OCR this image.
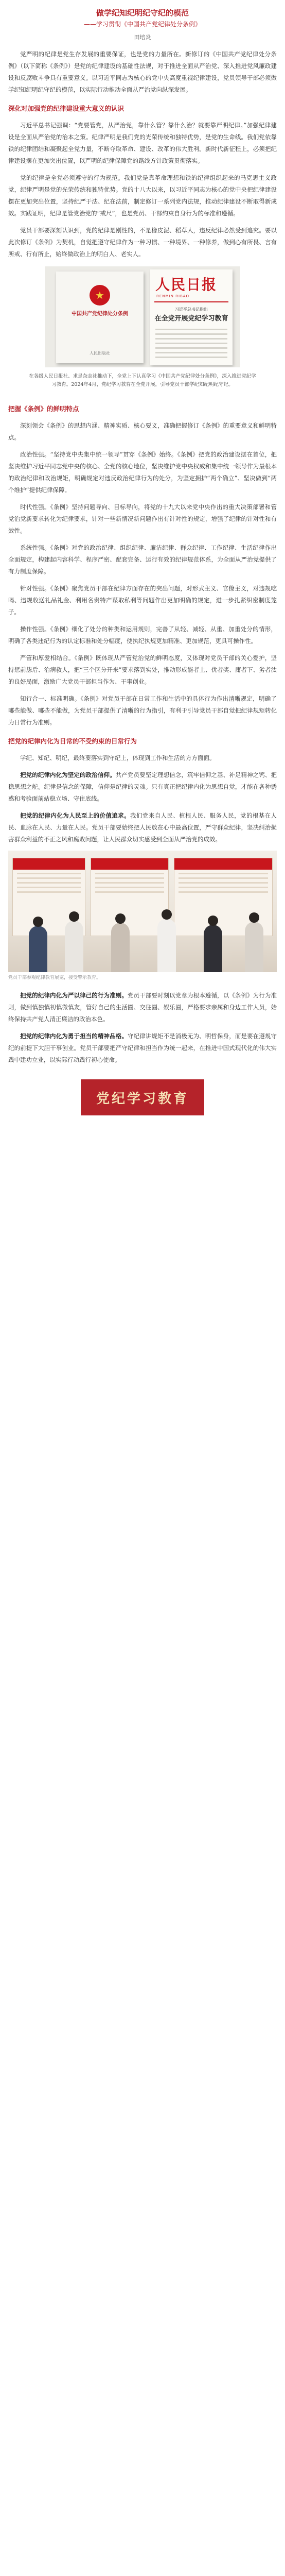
做学纪知纪明纪守纪的模范
——学习贯彻《中国共产党纪律处分条例》
田培炎

党严明的纪律是党生存发展的重要保证，也是党的力量所在。新修订的《中国共产党纪律处分条例》（以下简称《条例》）是党的纪律建设的基础性法规，对于推进全面从严治党、深入推进党风廉政建设和反腐败斗争具有重要意义。以习近平同志为核心的党中央高度重视纪律建设，党员领导干部必须做学纪知纪明纪守纪的模范，以实际行动推动全面从严治党向纵深发展。

深化对加强党的纪律建设重大意义的认识

习近平总书记强调：“党要管党，从严治党，靠什么管？靠什么治？就要靠严明纪律。”加强纪律建设是全面从严治党的治本之策。纪律严明是我们党的光荣传统和独特优势，是党的生命线。我们党依靠铁的纪律团结和凝聚起全党力量，不断夺取革命、建设、改革的伟大胜利。新时代新征程上，必须把纪律建设摆在更加突出位置，以严明的纪律保障党的路线方针政策贯彻落实。

党的纪律是全党必须遵守的行为规范。我们党是靠革命理想和铁的纪律组织起来的马克思主义政党，纪律严明是党的光荣传统和独特优势。党的十八大以来，以习近平同志为核心的党中央把纪律建设摆在更加突出位置，坚持纪严于法、纪在法前，制定修订一系列党内法规，推动纪律建设不断取得新成效。实践证明，纪律是管党治党的“戒尺”，也是党员、干部约束自身行为的标准和遵循。

党员干部要深刻认识到，党的纪律是刚性的，不是橡皮泥、稻草人，违反纪律必然受到追究。要以此次修订《条例》为契机，自觉把遵守纪律作为一种习惯、一种境界、一种修养，做到心有所畏、言有所戒、行有所止，始终做政治上的明白人、老实人。

★
中国共产党纪律处分条例
人民出版社
人民日报
RENMIN RIBAO
习近平总书记指出
在全党开展党纪学习教育
在各级人民日报社、求是杂志社推动下，全党上下认真学习《中国共产党纪律处分条例》，深入推进党纪学习教育。2024年4月，党纪学习教育在全党开展，引导党员干部学纪知纪明纪守纪。
把握《条例》的鲜明特点

深刻领会《条例》的思想内涵、精神实质、核心要义，准确把握修订《条例》的重要意义和鲜明特点。

政治性强。“坚持党中央集中统一领导”贯穿《条例》始终。《条例》把党的政治建设摆在首位，把坚决维护习近平同志党中央的核心、全党的核心地位，坚决维护党中央权威和集中统一领导作为最根本的政治纪律和政治规矩，明确规定对违反政治纪律行为的处分，为坚定拥护“两个确立”、坚决做到“两个维护”提供纪律保障。

时代性强。《条例》坚持问题导向、目标导向，将党的十九大以来党中央作出的重大决策部署和管党治党新要求转化为纪律要求，针对一些新情况新问题作出有针对性的规定，增强了纪律的针对性和有效性。

系统性强。《条例》对党的政治纪律、组织纪律、廉洁纪律、群众纪律、工作纪律、生活纪律作出全面规定，构建起内容科学、程序严密、配套完备、运行有效的纪律规范体系，为全面从严治党提供了有力制度保障。

针对性强。《条例》聚焦党员干部在纪律方面存在的突出问题，对形式主义、官僚主义，对违规吃喝、违规收送礼品礼金、利用名贵特产谋取私利等问题作出更加明确的规定，进一步扎紧织密制度笼子。

操作性强。《条例》细化了处分的种类和运用规则，完善了从轻、减轻、从重、加重处分的情形，明确了各类违纪行为的认定标准和处分幅度，使执纪执规更加精准、更加规范，更具可操作性。

严管和厚爱相结合。《条例》既体现从严管党治党的鲜明态度，又体现对党员干部的关心爱护，坚持惩前毖后、治病救人，把“三个区分开来”要求落到实处，推动形成能者上、优者奖、庸者下、劣者汰的良好局面，激励广大党员干部担当作为、干事创业。

知行合一、标准明确。《条例》对党员干部在日常工作和生活中的具体行为作出清晰规定，明确了哪些能做、哪些不能做，为党员干部提供了清晰的行为指引，有利于引导党员干部自觉把纪律规矩转化为日常行为准则。

把党的纪律内化为日常的不受约束的日常行为

学纪、知纪、明纪，最终要落实到守纪上，体现到工作和生活的方方面面。

把党的纪律内化为坚定的政治信仰。共产党员要坚定理想信念，筑牢信仰之基、补足精神之钙、把稳思想之舵。纪律是信念的保障，信仰是纪律的灵魂。只有真正把纪律内化为思想自觉，才能在各种诱惑和考验面前站稳立场、守住底线。

把党的纪律内化为人民至上的价值追求。我们党来自人民、植根人民、服务人民，党的根基在人民、血脉在人民、力量在人民。党员干部要始终把人民放在心中最高位置，严守群众纪律，坚决纠治损害群众利益的不正之风和腐败问题，让人民群众切实感受到全面从严治党的成效。

党员干部参观纪律教育展览，接受警示教育。

把党的纪律内化为严以律己的行为准则。党员干部要时刻以党章为根本遵循，以《条例》为行为准则，做到慎独慎初慎微慎友，管好自己的生活圈、交往圈、娱乐圈，严格要求亲属和身边工作人员，始终保持共产党人清正廉洁的政治本色。

把党的纪律内化为勇于担当的精神品格。守纪律讲规矩不是消极无为、明哲保身，而是要在遵规守纪的前提下大胆干事创业。党员干部要把严守纪律和担当作为统一起来，在推进中国式现代化的伟大实践中建功立业，以实际行动践行初心使命。

党纪学习教育
